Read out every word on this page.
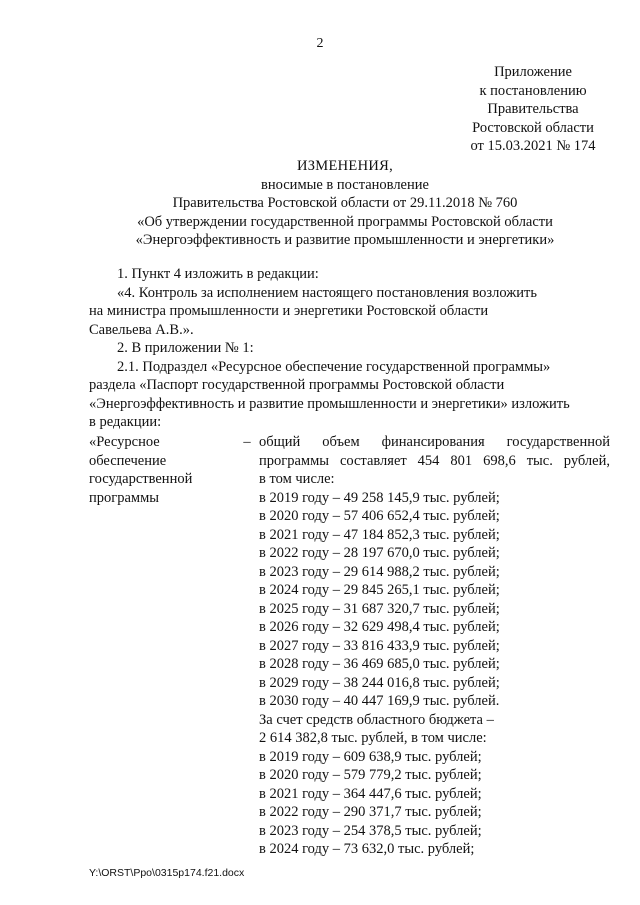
2
Приложение
к постановлению
Правительства
Ростовской области
от 15.03.2021 № 174
ИЗМЕНЕНИЯ,
вносимые в постановление
Правительства Ростовской области от 29.11.2018 № 760
«Об утверждении государственной программы Ростовской области
«Энергоэффективность и развитие промышленности и энергетики»

1. Пункт 4 изложить в редакции:

«4. Контроль за исполнением настоящего постановления возложить

на министра промышленности и энергетики Ростовской области

Савельева А.В.».

2. В приложении № 1:

2.1. Подраздел «Ресурсное обеспечение государственной программы»

раздела «Паспорт государственной программы Ростовской области

«Энергоэффективность и развитие промышленности и энергетики» изложить

в редакции:

«Ресурсное
обеспечение
государственной
программы
– общий объем финансирования государственной
программы составляет 454 801 698,6 тыс. рублей,
в том числе:
в 2019 году – 49 258 145,9 тыс. рублей;
в 2020 году – 57 406 652,4 тыс. рублей;
в 2021 году – 47 184 852,3 тыс. рублей;
в 2022 году – 28 197 670,0 тыс. рублей;
в 2023 году – 29 614 988,2 тыс. рублей;
в 2024 году – 29 845 265,1 тыс. рублей;
в 2025 году – 31 687 320,7 тыс. рублей;
в 2026 году – 32 629 498,4 тыс. рублей;
в 2027 году – 33 816 433,9 тыс. рублей;
в 2028 году – 36 469 685,0 тыс. рублей;
в 2029 году – 38 244 016,8 тыс. рублей;
в 2030 году – 40 447 169,9 тыс. рублей.
За счет средств областного бюджета –
2 614 382,8 тыс. рублей, в том числе:
в 2019 году – 609 638,9 тыс. рублей;
в 2020 году – 579 779,2 тыс. рублей;
в 2021 году – 364 447,6 тыс. рублей;
в 2022 году – 290 371,7 тыс. рублей;
в 2023 году – 254 378,5 тыс. рублей;
в 2024 году – 73 632,0 тыс. рублей;
Y:\ORST\Ppo\0315p174.f21.docx
